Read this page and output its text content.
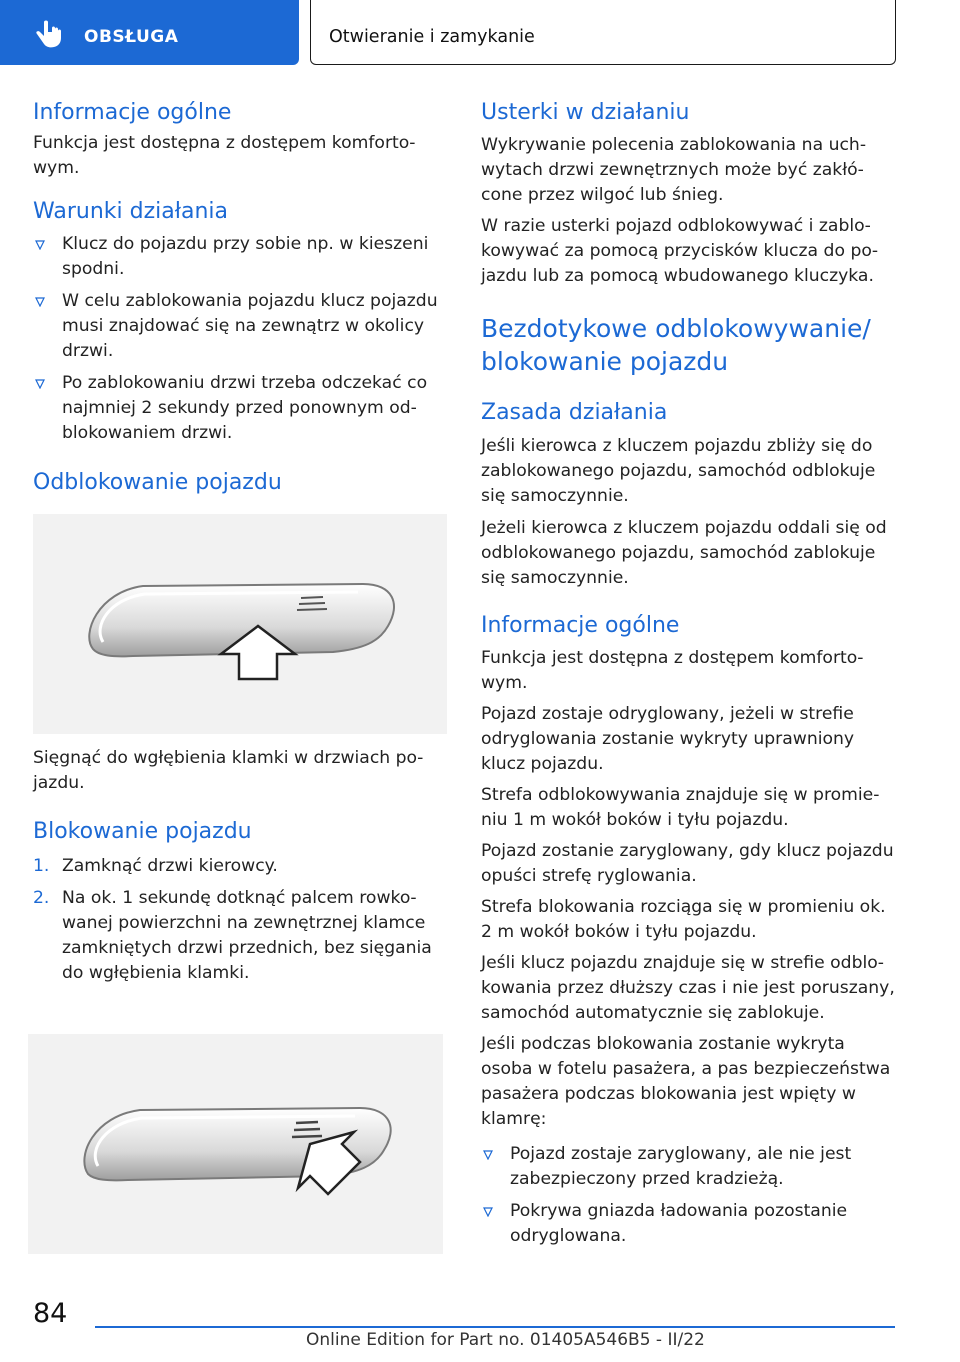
OBSŁUGA	Otwieranie i zamykanie
Informacje ogólne

Funkcja jest dostępna z dostępem komfortowym.

Warunki działania
Klucz do pojazdu przy sobie np. w kieszeni spodni.
W celu zablokowania pojazdu klucz pojazdu musi znajdować się na zewnątrz w okolicy drzwi.
Po zablokowaniu drzwi trzeba odczekać co najmniej 2 sekundy przed ponownym odblokowaniem drzwi.
Odblokowanie pojazdu

Sięgnąć do wgłębienia klamki w drzwiach pojazdu.

Blokowanie pojazdu
1. Zamknąć drzwi kierowcy.
2. Na ok. 1 sekundę dotknąć palcem rowkowanej powierzchni na zewnętrznej klamce zamkniętych drzwi przednich, bez sięgania do wgłębienia klamki.
Usterki w działaniu

Wykrywanie polecenia zablokowania na uchwytach drzwi zewnętrznych może być zakłócone przez wilgoć lub śnieg.

W razie usterki pojazd odblokowywać i zablokowywać za pomocą przycisków klucza do pojazdu lub za pomocą wbudowanego kluczyka.

Bezdotykowe odblokowywanie/
blokowanie pojazdu
Zasada działania

Jeśli kierowca z kluczem pojazdu zbliży się do zablokowanego pojazdu, samochód odblokuje się samoczynnie.

Jeżeli kierowca z kluczem pojazdu oddali się od odblokowanego pojazdu, samochód zablokuje się samoczynnie.

Informacje ogólne

Funkcja jest dostępna z dostępem komfortowym.

Pojazd zostaje odryglowany, jeżeli w strefie odryglowania zostanie wykryty uprawniony klucz pojazdu.

Strefa odblokowywania znajduje się w promieniu 1 m wokół boków i tyłu pojazdu.

Pojazd zostanie zaryglowany, gdy klucz pojazdu opuści strefę ryglowania.

Strefa blokowania rozciąga się w promieniu ok. 2 m wokół boków i tyłu pojazdu.

Jeśli klucz pojazdu znajduje się w strefie odblokowania przez dłuższy czas i nie jest poruszany, samochód automatycznie się zablokuje.

Jeśli podczas blokowania zostanie wykryta osoba w fotelu pasażera, a pas bezpieczeństwa pasażera podczas blokowania jest wpięty w klamrę:

Pojazd zostaje zaryglowany, ale nie jest zabezpieczony przed kradzieżą.
Pokrywa gniazda ładowania pozostanie odryglowana.
84
Online Edition for Part no. 01405A546B5 - II/22
